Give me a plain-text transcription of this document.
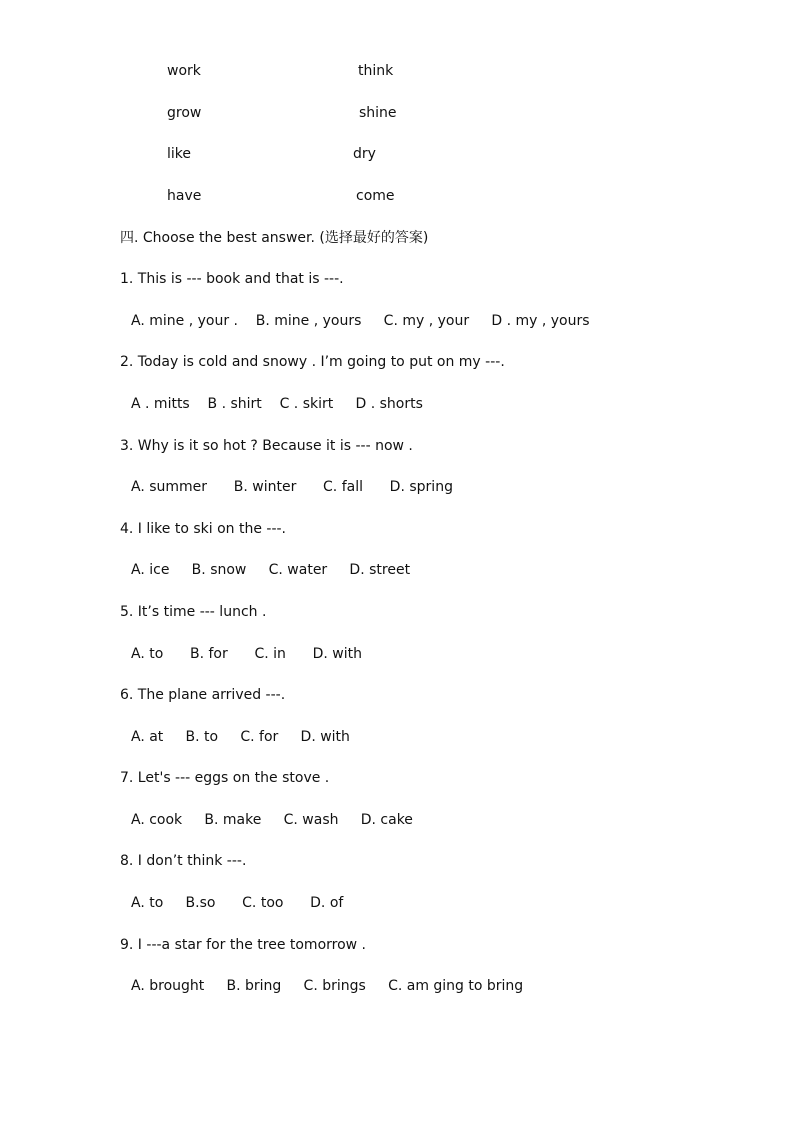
work	think
grow	shine
like	dry
have	come
四. Choose the best answer. (选择最好的答案)
1. This is --- book and that is ---.
A. mine , your .    B. mine , yours     C. my , your     D . my , yours
2. Today is cold and snowy . I’m going to put on my ---.
A . mitts    B . shirt    C . skirt     D . shorts
3. Why is it so hot ? Because it is --- now .
A. summer      B. winter      C. fall      D. spring
4. I like to ski on the ---.
A. ice     B. snow     C. water     D. street
5. It’s time --- lunch .
A. to      B. for      C. in      D. with
6. The plane arrived ---.
A. at     B. to     C. for     D. with
7. Let's --- eggs on the stove .
A. cook     B. make     C. wash     D. cake
8. I don’t think ---.
A. to     B.so      C. too      D. of
9. I ---a star for the tree tomorrow .
A. brought     B. bring     C. brings     C. am ging to bring
